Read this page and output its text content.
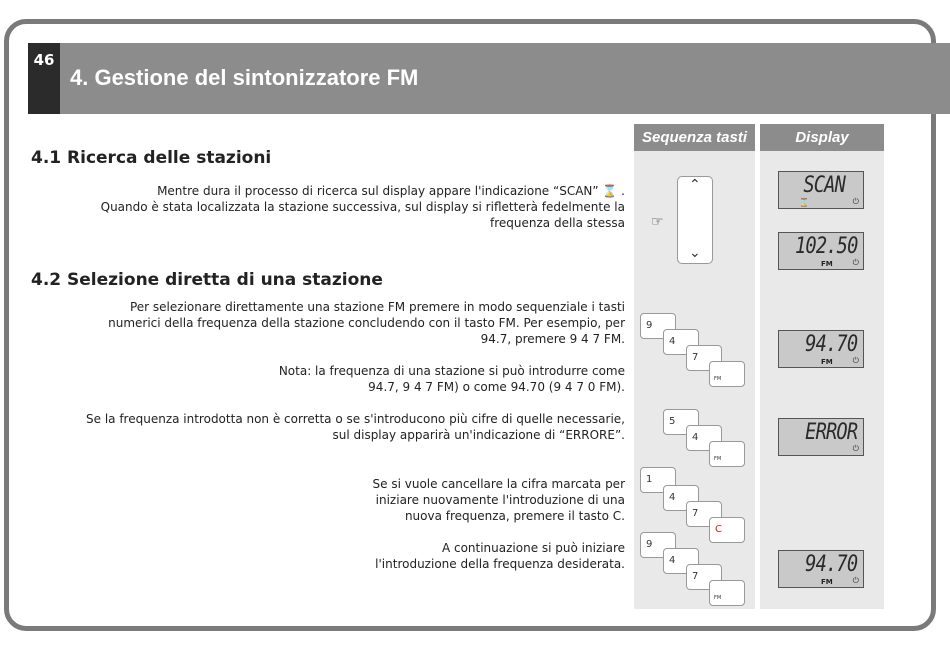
46
4. Gestione del sintonizzatore FM
4.1 Ricerca delle stazioni
Mentre dura il processo di ricerca sul display appare l'indicazione “SCAN” ⌛ .
Quando è stata localizzata la stazione successiva, sul display si rifletterà fedelmente la
frequenza della stessa
4.2 Selezione diretta di una stazione
Per selezionare direttamente una stazione FM premere in modo sequenziale i tasti
numerici della frequenza della stazione concludendo con il tasto FM. Per esempio, per
94.7, premere 9 4 7 FM.
Nota: la frequenza di una stazione si può introdurre come
94.7, 9 4 7 FM) o come 94.70 (9 4 7 0 FM).
Se la frequenza introdotta non è corretta o se s'introducono più cifre di quelle necessarie,
sul display apparirà un'indicazione di “ERRORE”.
Se si vuole cancellare la cifra marcata per
iniziare nuovamente l'introduzione di una
nuova frequenza, premere il tasto C.
A continuazione si può iniziare
l'introduzione della frequenza desiderata.
Sequenza tasti	Display
☞
⌃
⌄
9
4
7
FM
5
4
FM
1
4
7
C
9
4
7
FM
SCAN
⌛	⏻
102.50
FM ⏻
94.70
FM ⏻
ERROR
⏻
94.70
FM ⏻
